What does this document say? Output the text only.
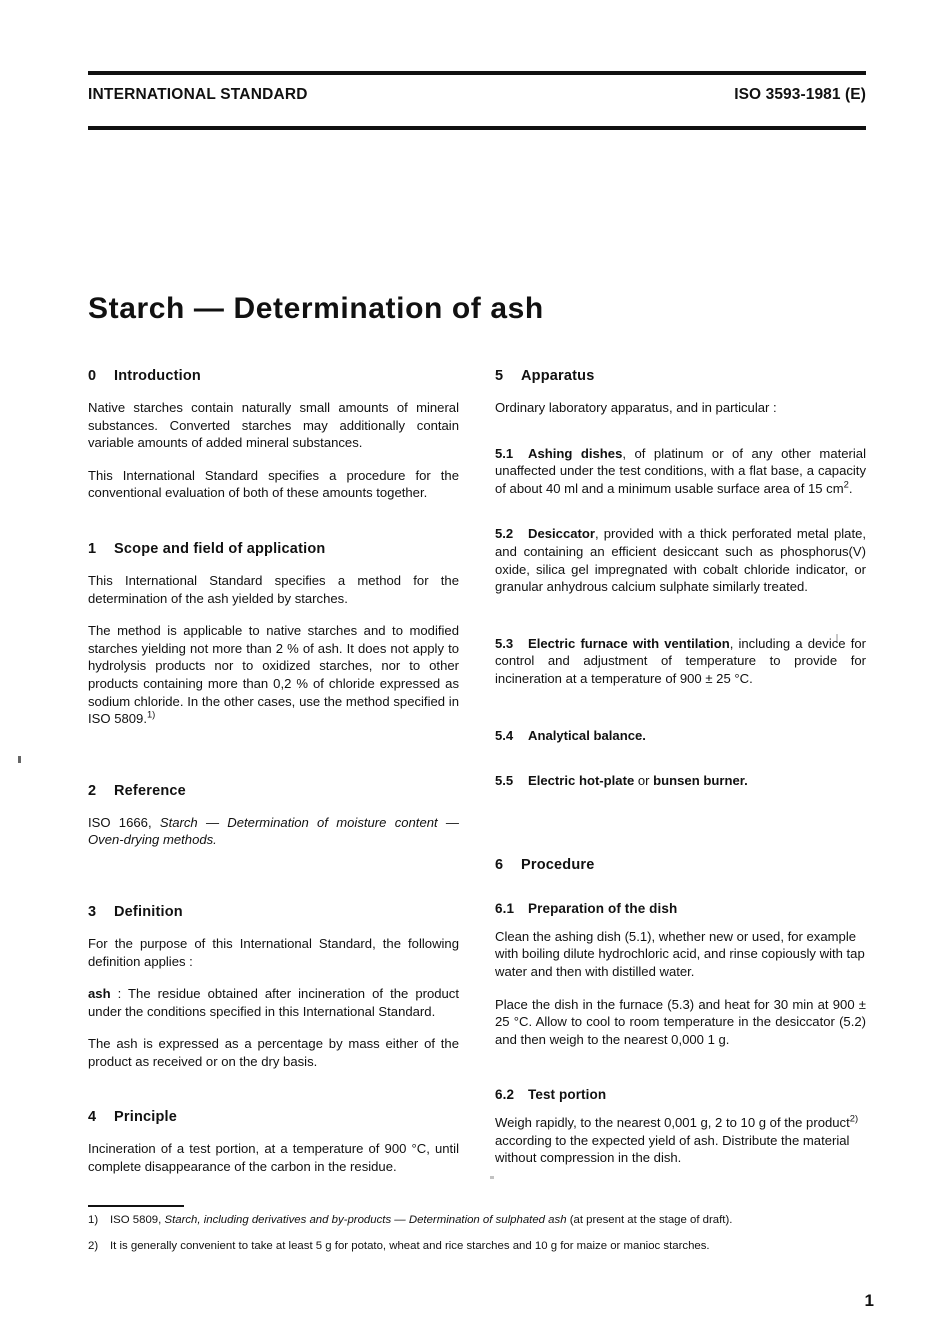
INTERNATIONAL STANDARD	ISO 3593-1981 (E)
Starch — Determination of ash
0 Introduction

Native starches contain naturally small amounts of mineral substances. Converted starches may additionally contain variable amounts of added mineral substances.

This International Standard specifies a procedure for the conventional evaluation of both of these amounts together.

1 Scope and field of application

This International Standard specifies a method for the determination of the ash yielded by starches.

The method is applicable to native starches and to modified starches yielding not more than 2 % of ash. It does not apply to hydrolysis products nor to oxidized starches, nor to other products containing more than 0,2 % of chloride expressed as sodium chloride. In the other cases, use the method specified in ISO 5809.$^{1)}$

2 Reference

ISO 1666, Starch — Determination of moisture content — Oven-drying methods.

3 Definition

For the purpose of this International Standard, the following definition applies :

ash : The residue obtained after incineration of the product under the conditions specified in this International Standard.

The ash is expressed as a percentage by mass either of the product as received or on the dry basis.

4 Principle

Incineration of a test portion, at a temperature of 900 °C, until complete disappearance of the carbon in the residue.

5 Apparatus

Ordinary laboratory apparatus, and in particular :

5.1 Ashing dishes, of platinum or of any other material unaffected under the test conditions, with a flat base, a capacity of about 40 ml and a minimum usable surface area of 15 $cm^2$.

5.2 Desiccator, provided with a thick perforated metal plate, and containing an efficient desiccant such as phosphorus(V) oxide, silica gel impregnated with cobalt chloride indicator, or granular anhydrous calcium sulphate similarly treated.

5.3 Electric furnace with ventilation, including a device for control and adjustment of temperature to provide for incineration at a temperature of 900 ± 25 °C.

5.4 Analytical balance.

5.5 Electric hot-plate or bunsen burner.

6 Procedure
6.1 Preparation of the dish

Clean the ashing dish (5.1), whether new or used, for example with boiling dilute hydrochloric acid, and rinse copiously with tap water and then with distilled water.

Place the dish in the furnace (5.3) and heat for 30 min at 900 ± 25 °C. Allow to cool to room temperature in the desiccator (5.2) and then weigh to the nearest 0,000 1 g.

6.2 Test portion

Weigh rapidly, to the nearest 0,001 g, 2 to 10 g of the product$^{2)}$ according to the expected yield of ash. Distribute the material without compression in the dish.

1)	ISO 5809, Starch, including derivatives and by-products — Determination of sulphated ash (at present at the stage of draft).
2)	It is generally convenient to take at least 5 g for potato, wheat and rice starches and 10 g for maize or manioc starches.
1
